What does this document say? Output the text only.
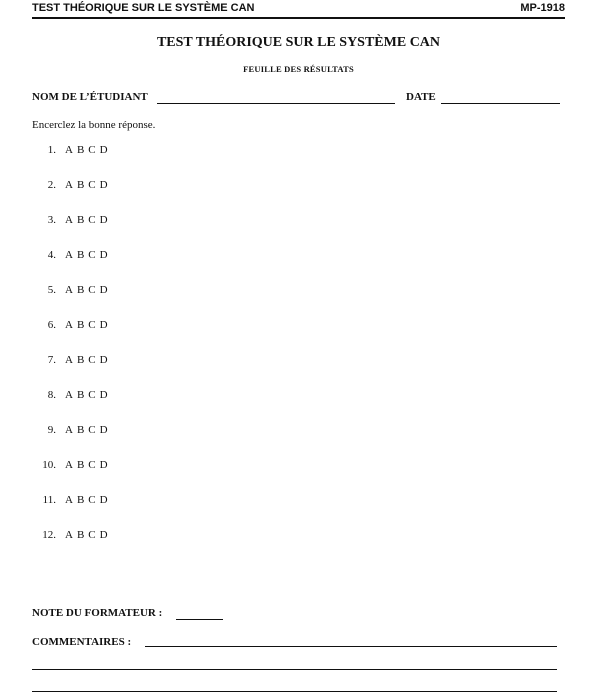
TEST THÉORIQUE SUR LE SYSTÈME CAN	MP-1918
TEST THÉORIQUE SUR LE SYSTÈME CAN
FEUILLE DES RÉSULTATS
NOM DE L’ÉTUDIANT	DATE
Encerclez la bonne réponse.
1. A B C D
2. A B C D
3. A B C D
4. A B C D
5. A B C D
6. A B C D
7. A B C D
8. A B C D
9. A B C D
10. A B C D
11. A B C D
12. A B C D
NOTE DU FORMATEUR :
COMMENTAIRES :
